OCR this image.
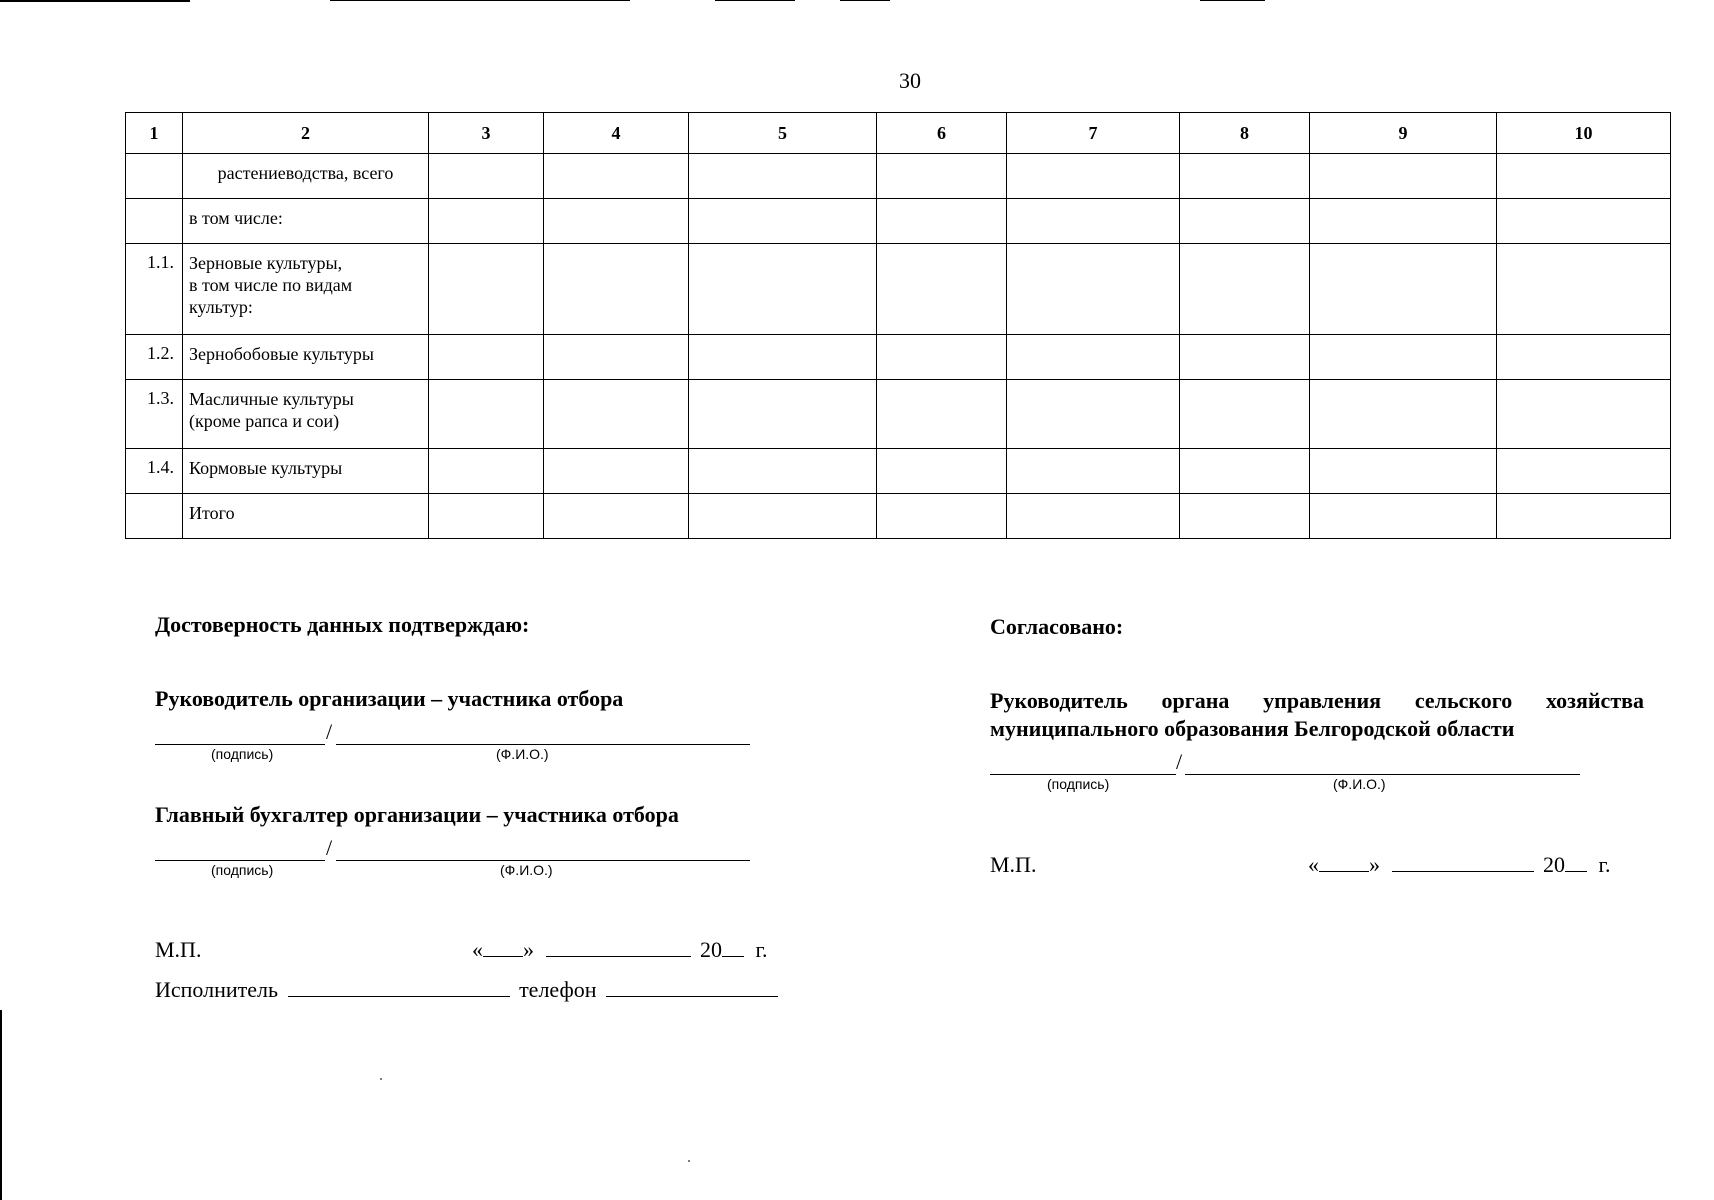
30
1	2	3	4	5	6	7	8	9	10
	растениеводства, всего								
	в том числе:								
1.1.	Зерновые культуры,
в том числе по видам
культур:								

1.2.	Зернобобовые культуры								
1.3.	Масличные культуры
(кроме рапса и сои)								

1.4.	Кормовые культуры								
	Итого								
Достоверность данных подтверждаю:
Руководитель организации – участника отбора
/
(подпись)	(Ф.И.О.)
Главный бухгалтер организации – участника отбора
/
(подпись)	(Ф.И.О.)
М.П.	« »	20 г.
Исполнитель	телефон
Согласовано:
Руководитель органа управления сельского хозяйства
муниципального образования Белгородской области
/
(подпись)	(Ф.И.О.)
М.П.	« »	20 г.
